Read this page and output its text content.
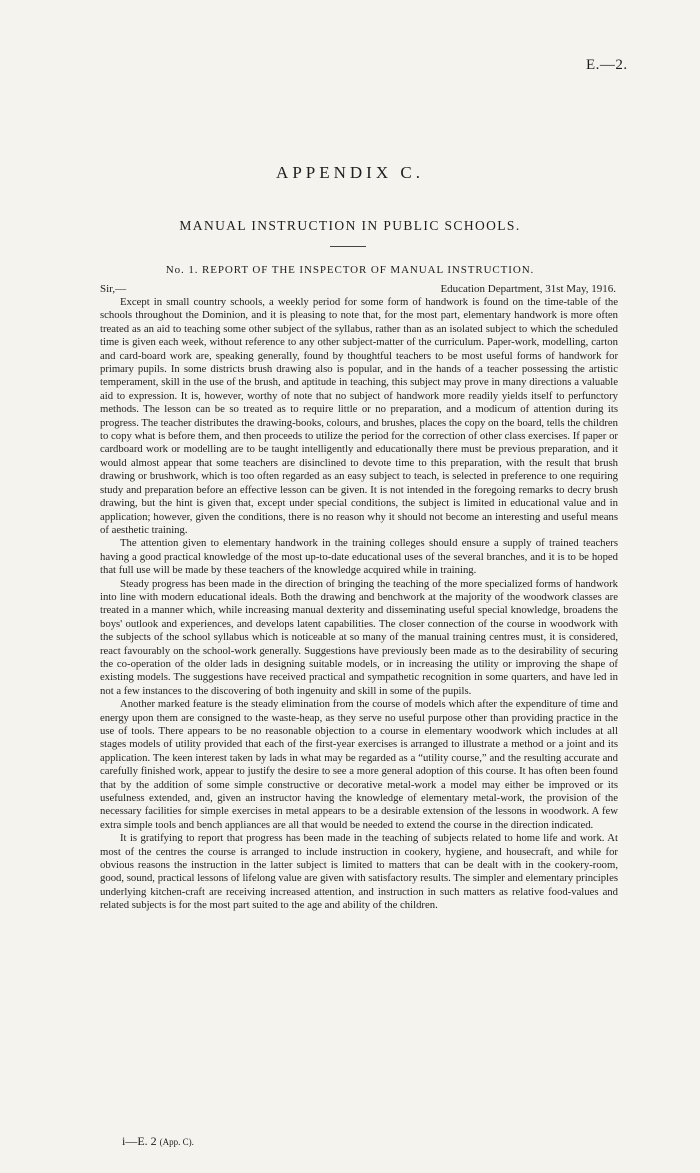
E.—2.
APPENDIX C.
MANUAL INSTRUCTION IN PUBLIC SCHOOLS.
No. 1. REPORT OF THE INSPECTOR OF MANUAL INSTRUCTION.
Sir,—	Education Department, 31st May, 1916.

Except in small country schools, a weekly period for some form of handwork is found on the time-table of the schools throughout the Dominion, and it is pleasing to note that, for the most part, elementary handwork is more often treated as an aid to teaching some other subject of the syllabus, rather than as an isolated subject to which the scheduled time is given each week, without reference to any other subject-matter of the curriculum. Paper-work, modelling, carton and card-board work are, speaking generally, found by thoughtful teachers to be most useful forms of handwork for primary pupils. In some districts brush drawing also is popular, and in the hands of a teacher possessing the artistic temperament, skill in the use of the brush, and aptitude in teaching, this subject may prove in many directions a valuable aid to expression. It is, however, worthy of note that no subject of handwork more readily yields itself to perfunctory methods. The lesson can be so treated as to require little or no preparation, and a modicum of attention during its progress. The teacher distributes the drawing-books, colours, and brushes, places the copy on the board, tells the children to copy what is before them, and then proceeds to utilize the period for the correction of other class exercises. If paper or cardboard work or modelling are to be taught intelligently and educationally there must be previous preparation, and it would almost appear that some teachers are disinclined to devote time to this preparation, with the result that brush drawing or brushwork, which is too often regarded as an easy subject to teach, is selected in preference to one requiring study and preparation before an effective lesson can be given. It is not intended in the foregoing remarks to decry brush drawing, but the hint is given that, except under special conditions, the subject is limited in educational value and in application; however, given the conditions, there is no reason why it should not become an interesting and useful means of aesthetic training.

The attention given to elementary handwork in the training colleges should ensure a supply of trained teachers having a good practical knowledge of the most up-to-date educational uses of the several branches, and it is to be hoped that full use will be made by these teachers of the knowledge acquired while in training.

Steady progress has been made in the direction of bringing the teaching of the more specialized forms of handwork into line with modern educational ideals. Both the drawing and benchwork at the majority of the woodwork classes are treated in a manner which, while increasing manual dexterity and disseminating useful special knowledge, broadens the boys' outlook and experiences, and develops latent capabilities. The closer connection of the course in woodwork with the subjects of the school syllabus which is noticeable at so many of the manual training centres must, it is considered, react favourably on the school-work generally. Suggestions have previously been made as to the desirability of securing the co-operation of the older lads in designing suitable models, or in increasing the utility or improving the shape of existing models. The suggestions have received practical and sympathetic recognition in some quarters, and have led in not a few instances to the discovering of both ingenuity and skill in some of the pupils.

Another marked feature is the steady elimination from the course of models which after the expenditure of time and energy upon them are consigned to the waste-heap, as they serve no useful purpose other than providing practice in the use of tools. There appears to be no reasonable objection to a course in elementary woodwork which includes at all stages models of utility provided that each of the first-year exercises is arranged to illustrate a method or a joint and its application. The keen interest taken by lads in what may be regarded as a “utility course,” and the resulting accurate and carefully finished work, appear to justify the desire to see a more general adoption of this course. It has often been found that by the addition of some simple constructive or decorative metal-work a model may either be improved or its usefulness extended, and, given an instructor having the knowledge of elementary metal-work, the provision of the necessary facilities for simple exercises in metal appears to be a desirable extension of the lessons in woodwork. A few extra simple tools and bench appliances are all that would be needed to extend the course in the direction indicated.

It is gratifying to report that progress has been made in the teaching of subjects related to home life and work. At most of the centres the course is arranged to include instruction in cookery, hygiene, and housecraft, and while for obvious reasons the instruction in the latter subject is limited to matters that can be dealt with in the cookery-room, good, sound, practical lessons of lifelong value are given with satisfactory results. The simpler and elementary principles underlying kitchen-craft are receiving increased attention, and instruction in such matters as relative food-values and related subjects is for the most part suited to the age and ability of the children.

i—E. 2 (App. C).
